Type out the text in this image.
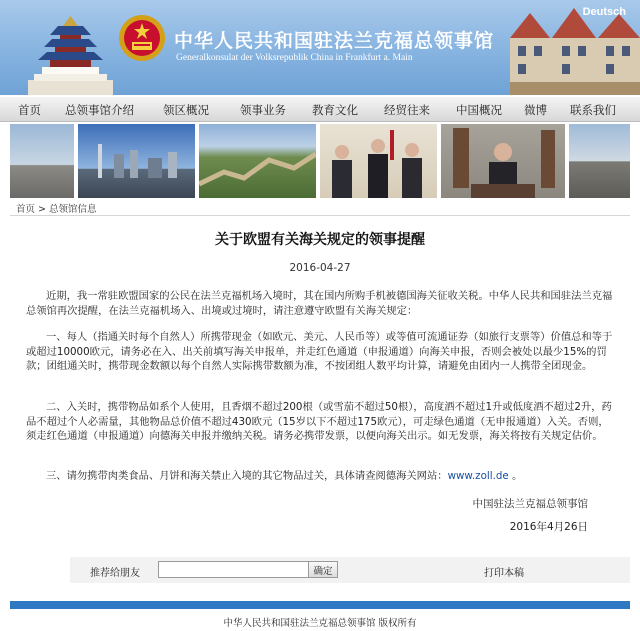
Deutsch
中华人民共和国驻法兰克福总领事馆
Generalkonsulat der Volksrepublik China in Frankfurt a. Main
首页 总领事馆介绍	领区概况	领事业务 教育文化 经贸往来 中国概况 微博 联系我们
首页 > 总领馆信息
关于欧盟有关海关规定的领事提醒
2016-04-27

近期，我一常驻欧盟国家的公民在法兰克福机场入境时，其在国内所购手机被德国海关征收关税。中华人民共和国驻法兰克福总领馆再次提醒，在法兰克福机场入、出境或过境时，请注意遵守欧盟有关海关规定：

一、每人（指通关时每个自然人）所携带现金（如欧元、美元、人民币等）或等值可流通证券（如旅行支票等）价值总和等于或超过10000欧元，请务必在入、出关前填写海关申报单，并走红色通道（申报通道）向海关申报，否则会被处以最少15%的罚款；团组通关时，携带现金数额以每个自然人实际携带数额为准，不按团组人数平均计算，请避免由团内一人携带全团现金。

二、入关时，携带物品如系个人使用，且香烟不超过200根（或雪茄不超过50根），高度酒不超过1升或低度酒不超过2升，药品不超过个人必需量，其他物品总价值不超过430欧元（15岁以下不超过175欧元），可走绿色通道（无申报通道）入关。否则，须走红色通道（申报通道）向德海关申报并缴纳关税。请务必携带发票，以便向海关出示。如无发票，海关将按有关规定估价。

三、请勿携带肉类食品、月饼和海关禁止入境的其它物品过关，具体请查阅德海关网站：www.zoll.de 。

中国驻法兰克福总领事馆
2016年4月26日
推荐给朋友	确定	打印本稿
中华人民共和国驻法兰克福总领事馆 版权所有
